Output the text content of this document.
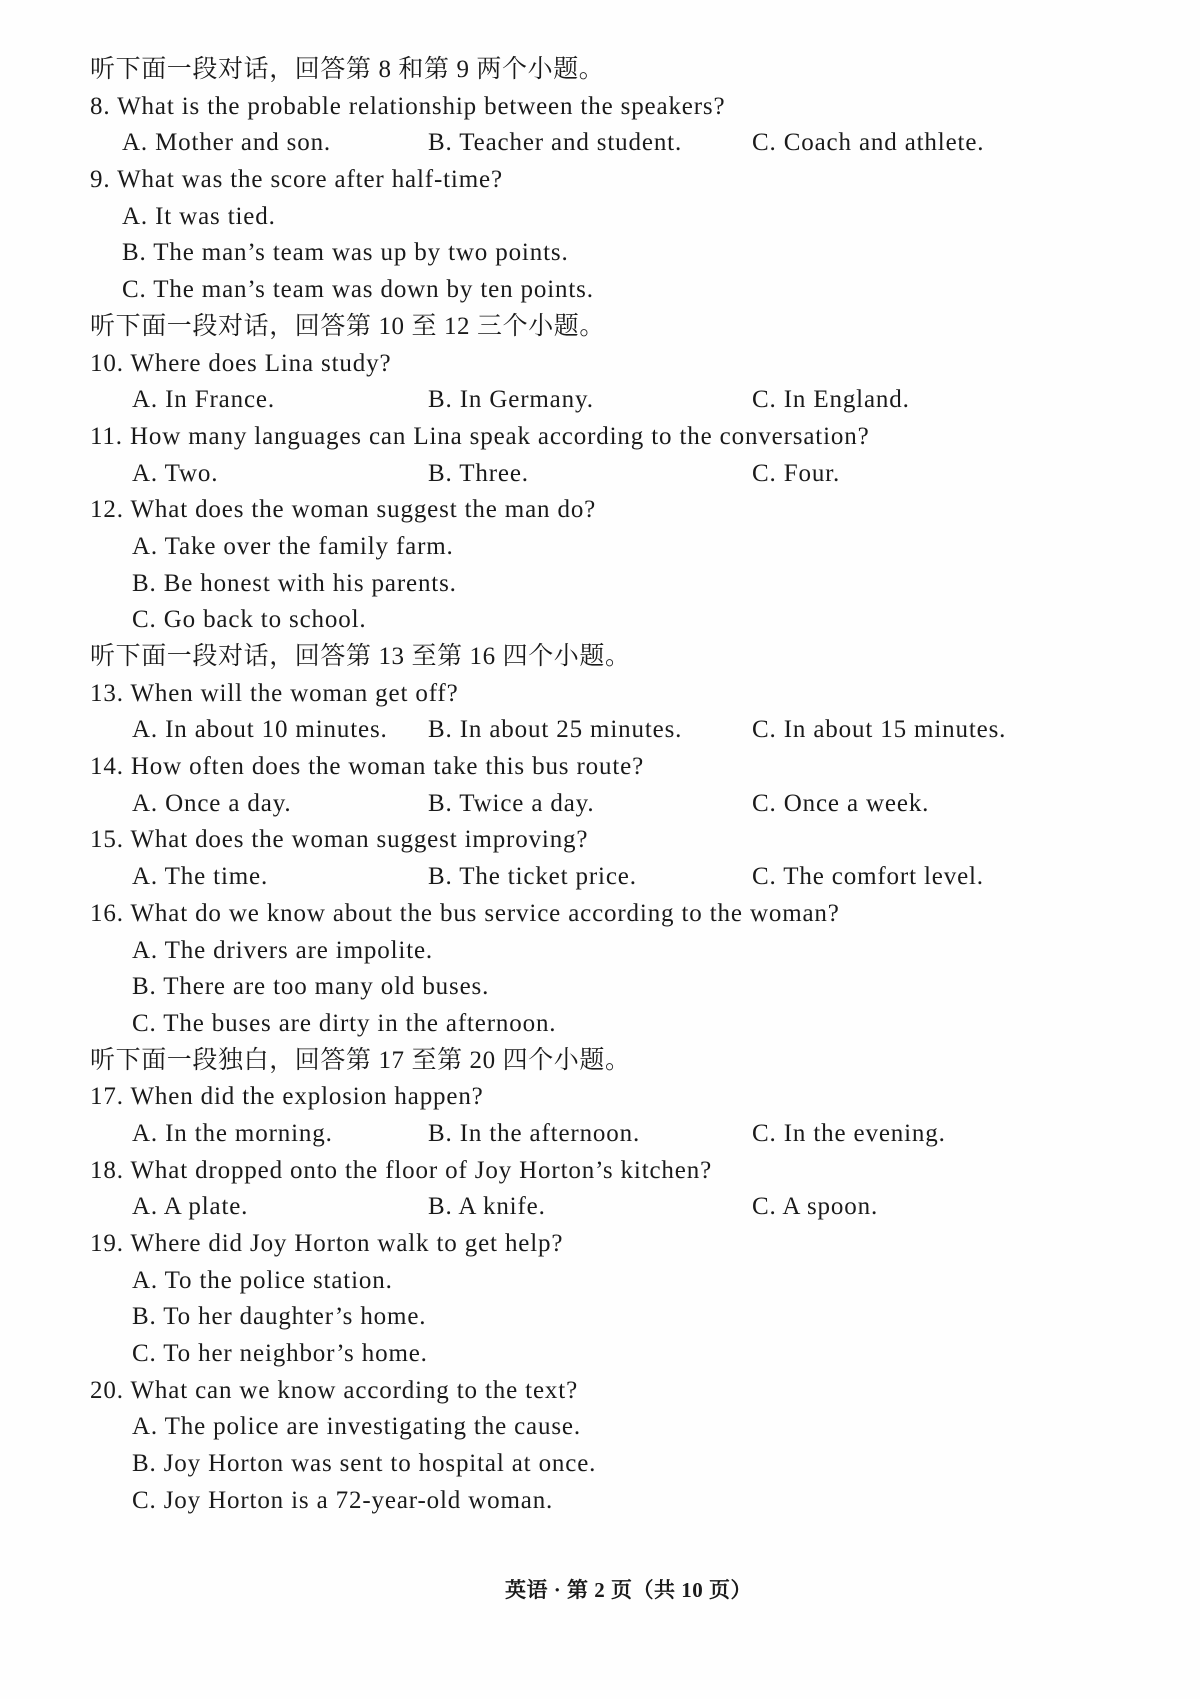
听下面一段对话，回答第 8 和第 9 两个小题。
8. What is the probable relationship between the speakers?
A. Mother and son.	B. Teacher and student.	C. Coach and athlete.
9. What was the score after half-time?
A. It was tied.
B. The man’s team was up by two points.
C. The man’s team was down by ten points.
听下面一段对话，回答第 10 至 12 三个小题。
10. Where does Lina study?
A. In France.	B. In Germany.	C. In England.
11. How many languages can Lina speak according to the conversation?
A. Two.	B. Three.	C. Four.
12. What does the woman suggest the man do?
A. Take over the family farm.
B. Be honest with his parents.
C. Go back to school.
听下面一段对话，回答第 13 至第 16 四个小题。
13. When will the woman get off?
A. In about 10 minutes. B. In about 25 minutes.	C. In about 15 minutes.
14. How often does the woman take this bus route?
A. Once a day.	B. Twice a day.	C. Once a week.
15. What does the woman suggest improving?
A. The time.	B. The ticket price.	C. The comfort level.
16. What do we know about the bus service according to the woman?
A. The drivers are impolite.
B. There are too many old buses.
C. The buses are dirty in the afternoon.
听下面一段独白，回答第 17 至第 20 四个小题。
17. When did the explosion happen?
A. In the morning.	B. In the afternoon.	C. In the evening.
18. What dropped onto the floor of Joy Horton’s kitchen?
A. A plate.	B. A knife.	C. A spoon.
19. Where did Joy Horton walk to get help?
A. To the police station.
B. To her daughter’s home.
C. To her neighbor’s home.
20. What can we know according to the text?
A. The police are investigating the cause.
B. Joy Horton was sent to hospital at once.
C. Joy Horton is a 72-year-old woman.
英语 · 第 2 页（共 10 页）
